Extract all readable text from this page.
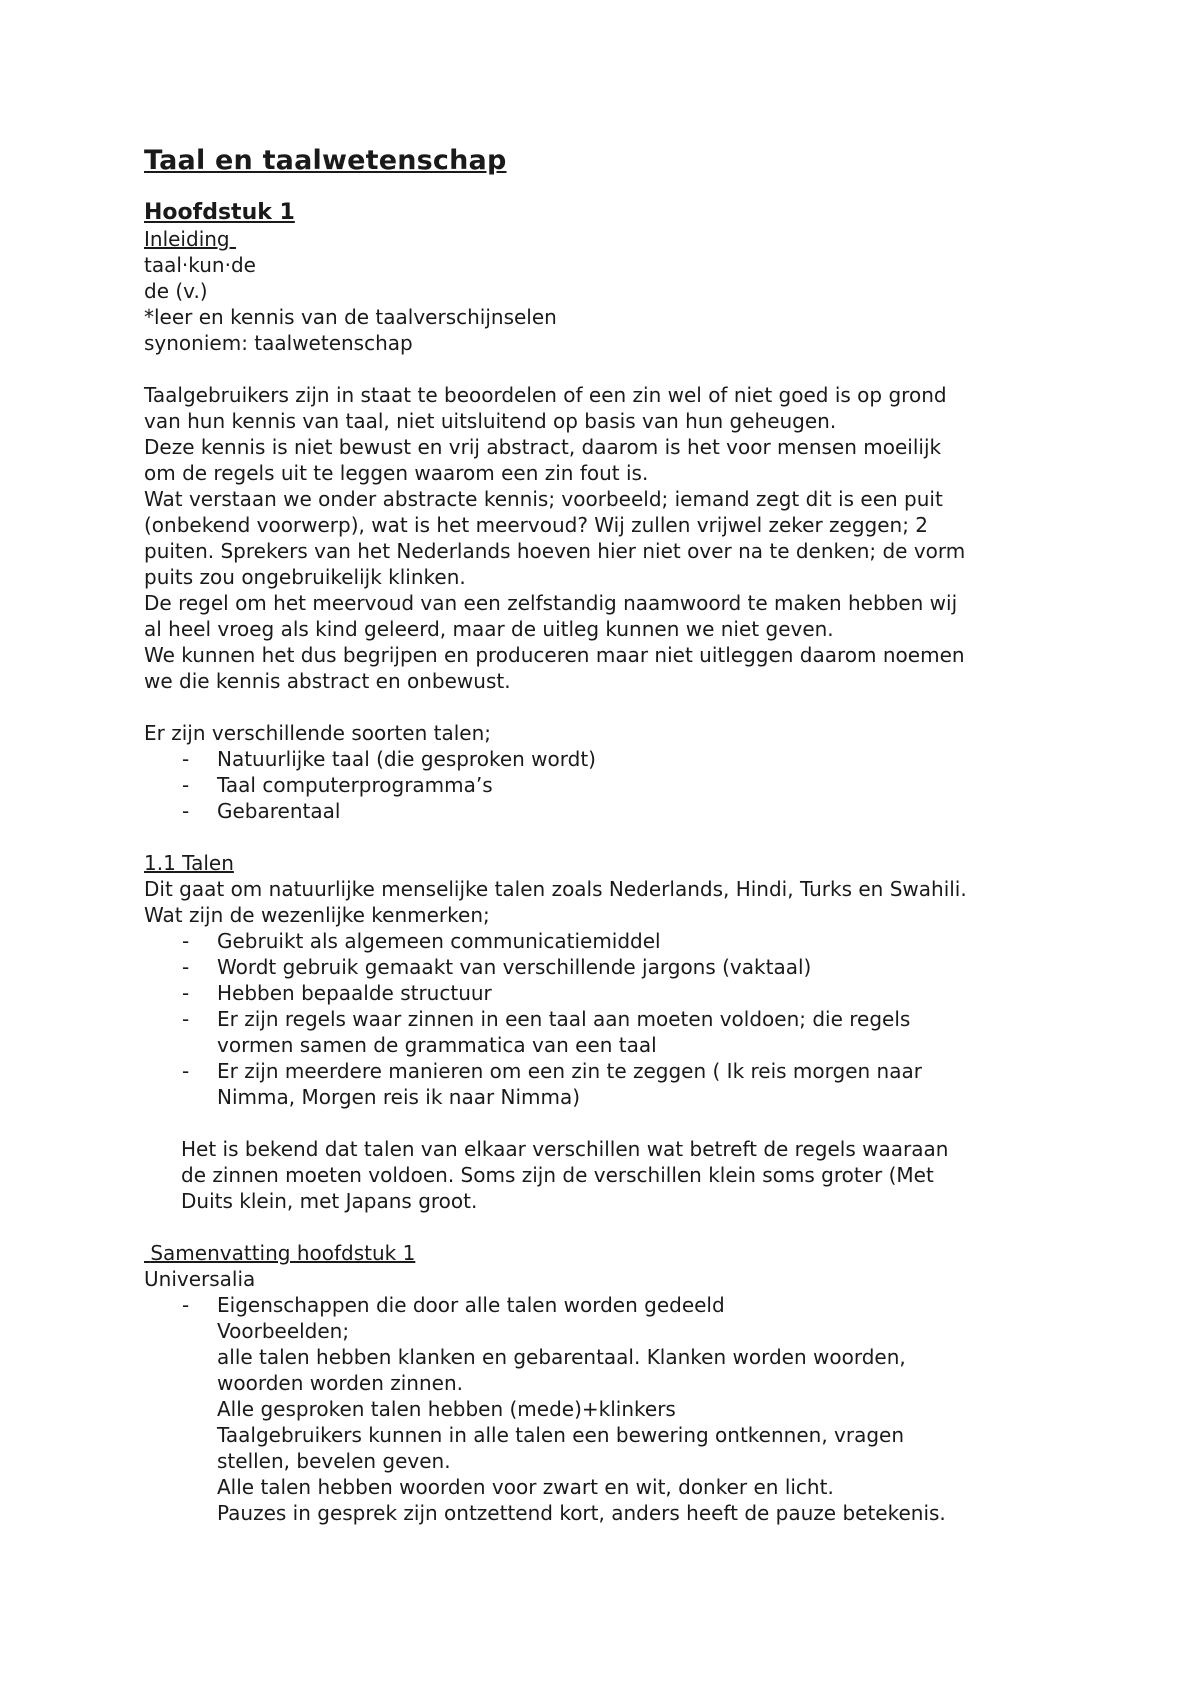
Taal en taalwetenschap
Hoofdstuk 1
Inleiding
taal·kun·de
de (v.)
*leer en kennis van de taalverschijnselen
synoniem: taalwetenschap
Taalgebruikers zijn in staat te beoordelen of een zin wel of niet goed is op grond
van hun kennis van taal, niet uitsluitend op basis van hun geheugen.
Deze kennis is niet bewust en vrij abstract, daarom is het voor mensen moeilijk
om de regels uit te leggen waarom een zin fout is.
Wat verstaan we onder abstracte kennis; voorbeeld; iemand zegt dit is een puit
(onbekend voorwerp), wat is het meervoud? Wij zullen vrijwel zeker zeggen; 2
puiten. Sprekers van het Nederlands hoeven hier niet over na te denken; de vorm
puits zou ongebruikelijk klinken.
De regel om het meervoud van een zelfstandig naamwoord te maken hebben wij
al heel vroeg als kind geleerd, maar de uitleg kunnen we niet geven.
We kunnen het dus begrijpen en produceren maar niet uitleggen daarom noemen
we die kennis abstract en onbewust.
Er zijn verschillende soorten talen;
- Natuurlijke taal (die gesproken wordt)
- Taal computerprogramma’s
- Gebarentaal
1.1 Talen
Dit gaat om natuurlijke menselijke talen zoals Nederlands, Hindi, Turks en Swahili.
Wat zijn de wezenlijke kenmerken;
- Gebruikt als algemeen communicatiemiddel
- Wordt gebruik gemaakt van verschillende jargons (vaktaal)
- Hebben bepaalde structuur
- Er zijn regels waar zinnen in een taal aan moeten voldoen; die regels
vormen samen de grammatica van een taal
- Er zijn meerdere manieren om een zin te zeggen ( Ik reis morgen naar
Nimma, Morgen reis ik naar Nimma)
Het is bekend dat talen van elkaar verschillen wat betreft de regels waaraan
de zinnen moeten voldoen. Soms zijn de verschillen klein soms groter (Met
Duits klein, met Japans groot.
Samenvatting hoofdstuk 1
Universalia
- Eigenschappen die door alle talen worden gedeeld
Voorbeelden;
alle talen hebben klanken en gebarentaal. Klanken worden woorden,
woorden worden zinnen.
Alle gesproken talen hebben (mede)+klinkers
Taalgebruikers kunnen in alle talen een bewering ontkennen, vragen
stellen, bevelen geven.
Alle talen hebben woorden voor zwart en wit, donker en licht.
Pauzes in gesprek zijn ontzettend kort, anders heeft de pauze betekenis.
